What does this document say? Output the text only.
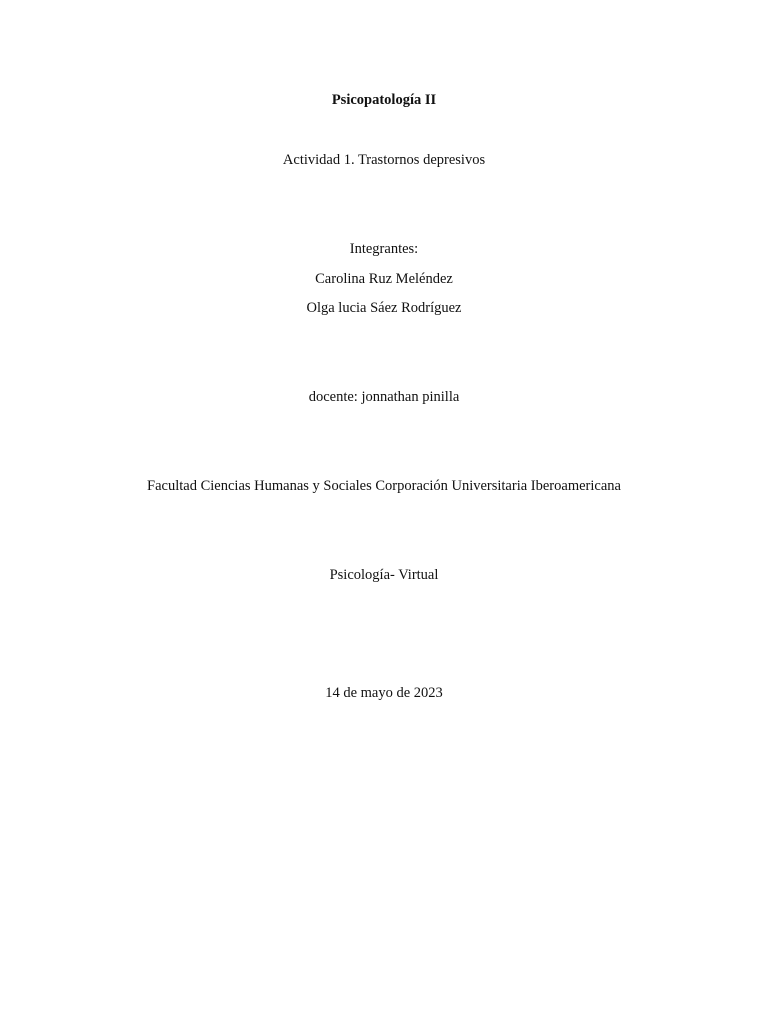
Psicopatología II
Actividad 1. Trastornos depresivos
Integrantes:
Carolina Ruz Meléndez
Olga lucia Sáez Rodríguez
docente: jonnathan pinilla
Facultad Ciencias Humanas y Sociales Corporación Universitaria Iberoamericana
Psicología- Virtual
14 de mayo de 2023
